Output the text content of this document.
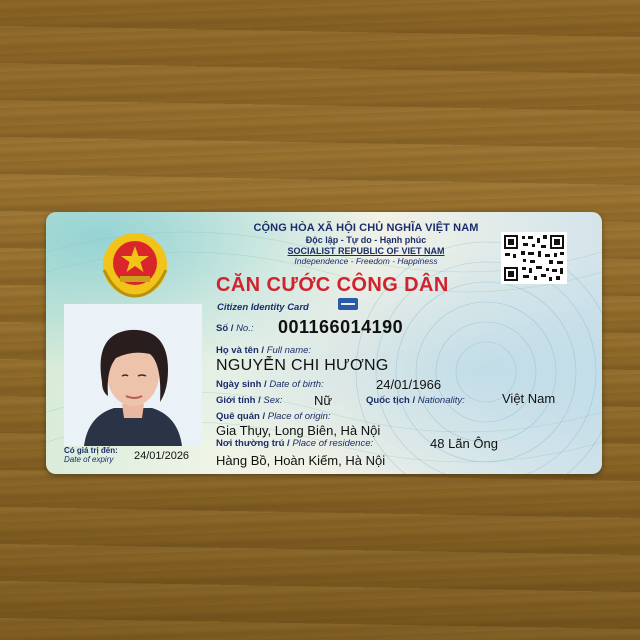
CỘNG HÒA XÃ HỘI CHỦ NGHĨA VIỆT NAM
Độc lập - Tự do - Hạnh phúc
SOCIALIST REPUBLIC OF VIET NAM
Independence - Freedom - Happiness
CĂN CƯỚC CÔNG DÂN
Citizen Identity Card
Số / No.: 001166014190
Họ và tên / Full name:
NGUYỄN CHI HƯƠNG
Ngày sinh / Date of birth:	24/01/1966
Giới tính / Sex: Nữ	Quốc tịch / Nationality:	Việt Nam
Quê quán / Place of origin:
Gia Thụy, Long Biên, Hà Nội
Nơi thường trú / Place of residence:	48 Lãn Ông
Hàng Bồ, Hoàn Kiếm, Hà Nội
Có giá trị đến:
Date of expiry	24/01/2026
